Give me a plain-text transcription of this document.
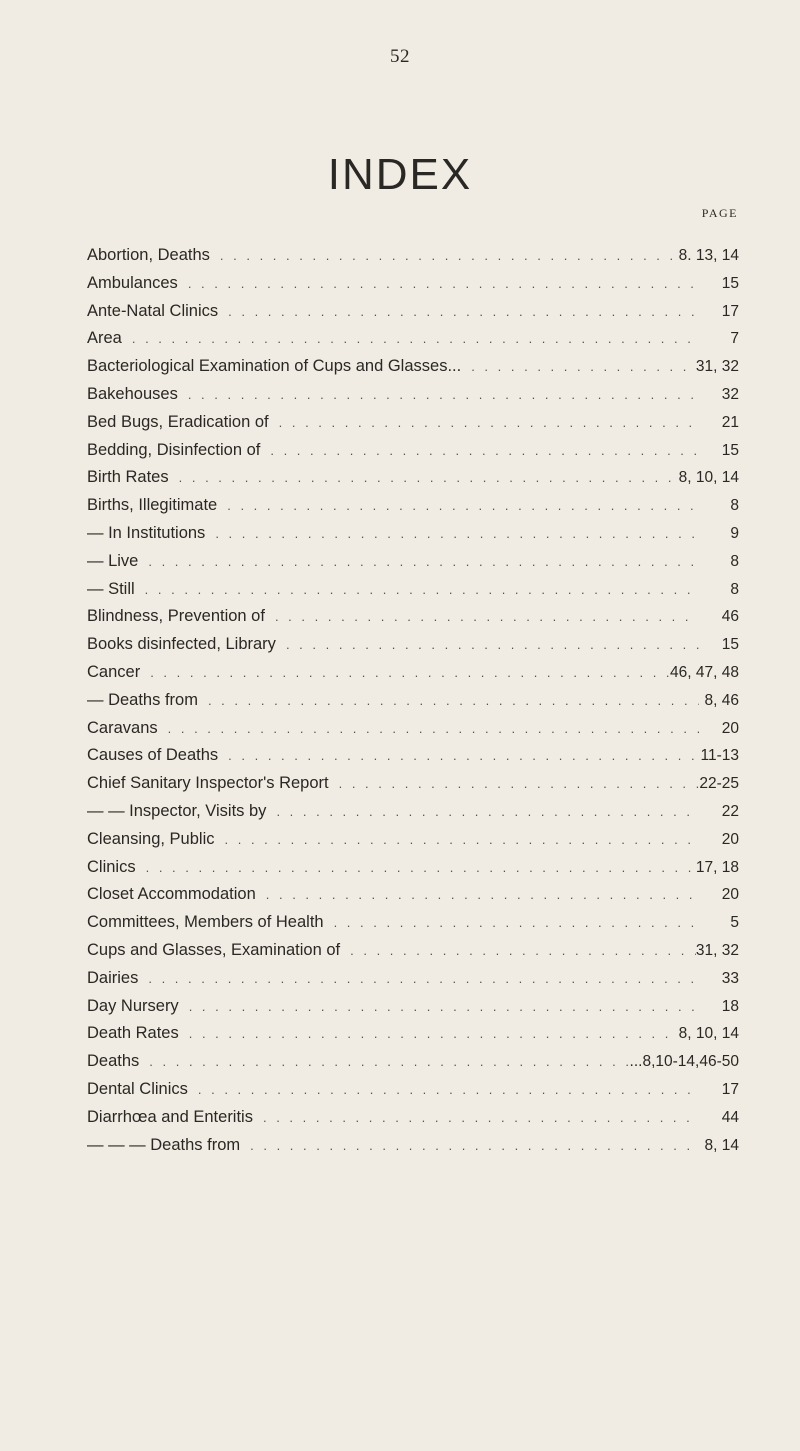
52
INDEX
PAGE
Abortion, Deaths . . .	8. 13, 14
Ambulances . . .	15
Ante-Natal Clinics . . .	17
Area . . .	7
Bacteriological Examination of Cups and Glasses... . . .	31, 32
Bakehouses . . .	32
Bed Bugs, Eradication of . . .	21
Bedding, Disinfection of . . .	15
Birth Rates . . .	8, 10, 14
Births, Illegitimate . . .	8
— In Institutions . . .	9
— Live . . .	8
— Still . . .	8
Blindness, Prevention of . . .	46
Books disinfected, Library . . .	15
Cancer . . .	46, 47, 48
— Deaths from . . .	8, 46
Caravans . . .	20
Causes of Deaths . . .	11-13
Chief Sanitary Inspector's Report . . .	22-25
— — Inspector, Visits by . . .	22
Cleansing, Public . . .	20
Clinics . . .	17, 18
Closet Accommodation . . .	20
Committees, Members of Health . . .	5
Cups and Glasses, Examination of . . .	31, 32
Dairies . . .	33
Day Nursery . . .	18
Death Rates . . .	8, 10, 14
Deaths . . .	...8,10-14,46-50
Dental Clinics . . .	17
Diarrhœa and Enteritis . . .	44
— — — Deaths from . . .	8, 14
